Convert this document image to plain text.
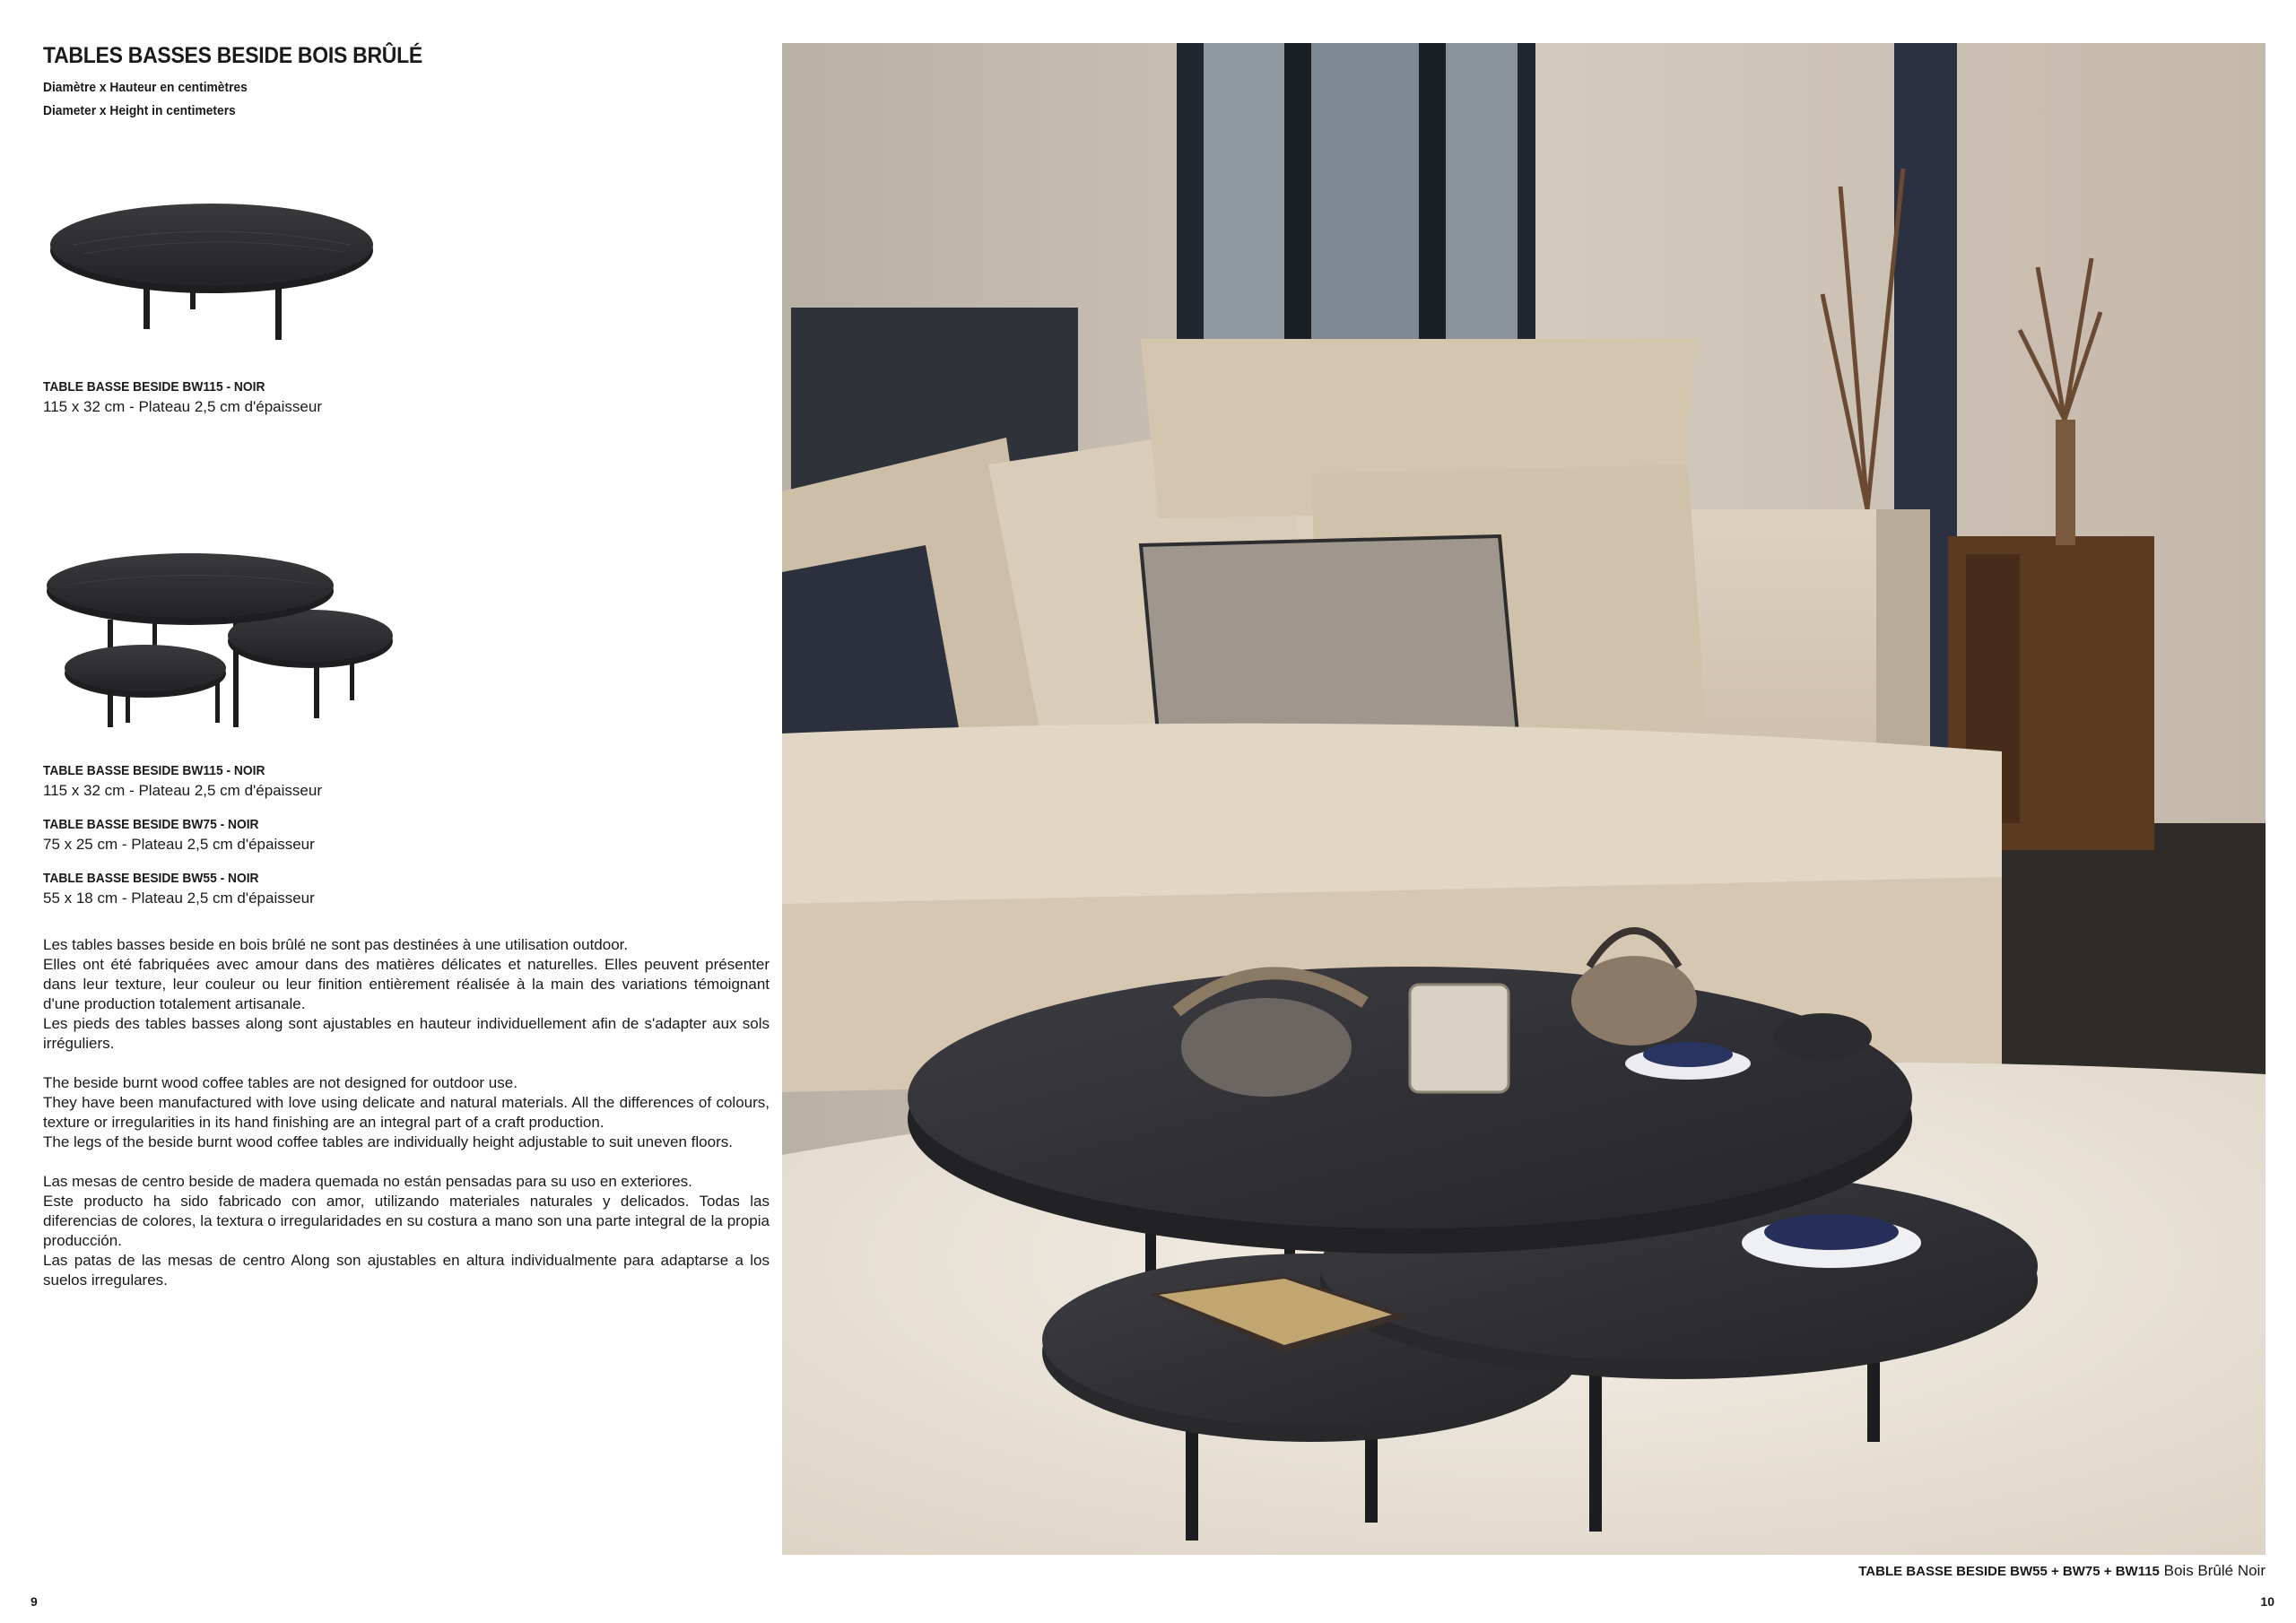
TABLES BASSES BESIDE BOIS BRÛLÉ
Diamètre x Hauteur en centimètres
Diameter x Height in centimeters
TABLE BASSE BESIDE BW115 - NOIR
115 x 32 cm - Plateau 2,5 cm d'épaisseur
TABLE BASSE BESIDE BW115 - NOIR
115 x 32 cm - Plateau 2,5 cm d'épaisseur
TABLE BASSE BESIDE BW75 - NOIR
75 x 25 cm - Plateau 2,5 cm d'épaisseur
TABLE BASSE BESIDE BW55 - NOIR
55 x 18 cm - Plateau 2,5 cm d'épaisseur

Les tables basses beside en bois brûlé ne sont pas destinées à une utilisation outdoor.

Elles ont été fabriquées avec amour dans des matières délicates et naturelles. Elles peuvent présenter dans leur texture, leur couleur ou leur finition entièrement réalisée à la main des variations témoignant d'une production totalement artisanale.

Les pieds des tables basses along sont ajustables en hauteur individuellement afin de s'adapter aux sols irréguliers.

The beside burnt wood coffee tables are not designed for outdoor use.

They have been manufactured with love using delicate and natural materials. All the differences of colours, texture or irregularities in its hand finishing are an integral part of a craft production.

The legs of the beside burnt wood coffee tables are individually height adjustable to suit uneven floors.

Las mesas de centro beside de madera quemada no están pensadas para su uso en exteriores.

Este producto ha sido fabricado con amor, utilizando materiales naturales y delicados. Todas las diferencias de colores, la textura o irregularidades en su costura a mano son una parte integral de la propia producción.

Las patas de las mesas de centro Along son ajustables en altura individualmente para adaptarse a los suelos irregulares.

TABLE BASSE BESIDE BW55 + BW75 + BW115 Bois Brûlé Noir
9	10
